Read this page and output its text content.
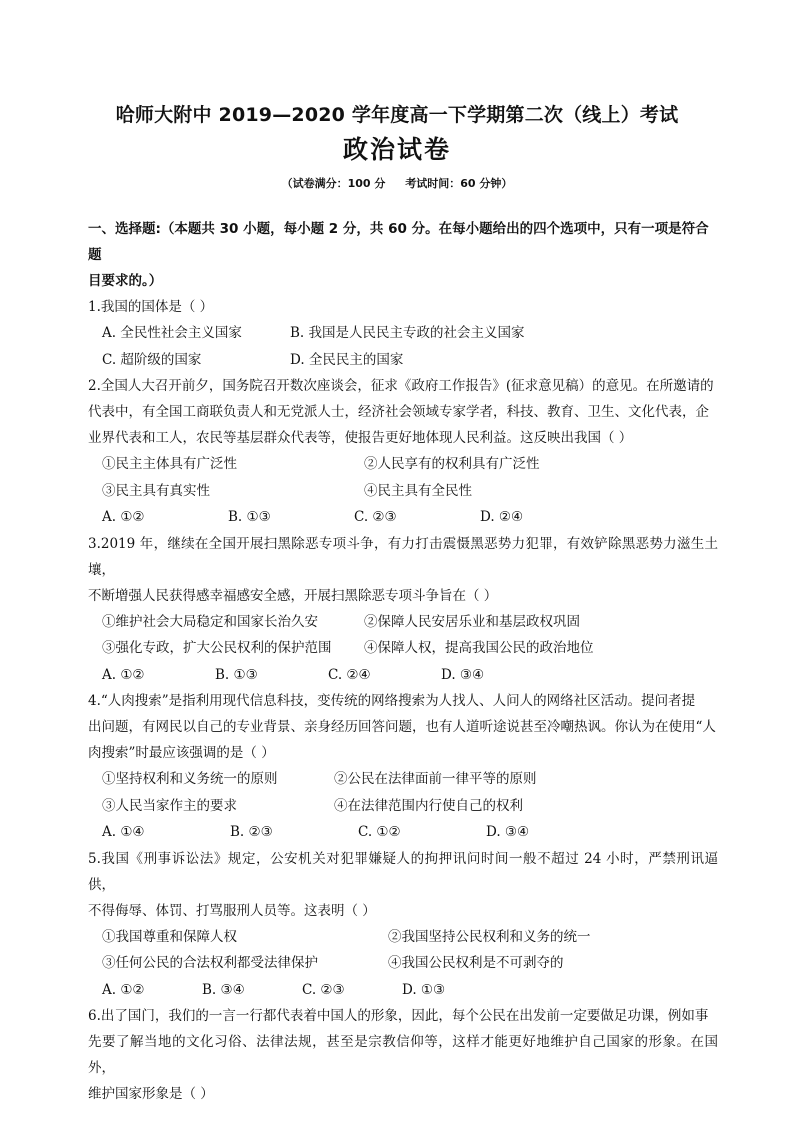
哈师大附中 2019—2020 学年度高一下学期第二次（线上）考试
政治试卷
（试卷满分：100 分 考试时间：60 分钟）
一、选择题:（本题共 30 小题，每小题 2 分，共 60 分。在每小题给出的四个选项中，只有一项是符合题
目要求的。）
1.我国的国体是（ ）
A. 全民性社会主义国家	B. 我国是人民民主专政的社会主义国家
C. 超阶级的国家	D. 全民民主的国家
2.全国人大召开前夕，国务院召开数次座谈会，征求《政府工作报告》(征求意见稿）的意见。在所邀请的
代表中，有全国工商联负责人和无党派人士，经济社会领域专家学者，科技、教育、卫生、文化代表，企
业界代表和工人，农民等基层群众代表等，使报告更好地体现人民利益。这反映出我国（ ）
①民主主体具有广泛性	②人民享有的权利具有广泛性
③民主具有真实性	④民主具有全民性
A. ①②	B. ①③	C. ②③	D. ②④
3.2019 年，继续在全国开展扫黑除恶专项斗争，有力打击震慑黑恶势力犯罪，有效铲除黑恶势力滋生土壤，
不断增强人民获得感幸福感安全感，开展扫黑除恶专项斗争旨在（ ）
①维护社会大局稳定和国家长治久安	②保障人民安居乐业和基层政权巩固
③强化专政，扩大公民权利的保护范围	④保障人权，提高我国公民的政治地位
A. ①②	B. ①③	C. ②④	D. ③④
4.“人肉搜索”是指利用现代信息科技，变传统的网络搜索为人找人、人问人的网络社区活动。提问者提
出问题，有网民以自己的专业背景、亲身经历回答问题，也有人道听途说甚至冷嘲热讽。你认为在使用“人
肉搜索”时最应该强调的是（ ）
①坚持权利和义务统一的原则	②公民在法律面前一律平等的原则
③人民当家作主的要求	④在法律范围内行使自己的权利
A. ①④	B. ②③	C. ①②	D. ③④
5.我国《刑事诉讼法》规定，公安机关对犯罪嫌疑人的拘押讯问时间一般不超过 24 小时，严禁刑讯逼供，
不得侮辱、体罚、打骂服刑人员等。这表明（ ）
①我国尊重和保障人权	②我国坚持公民权利和义务的统一
③任何公民的合法权利都受法律保护	④我国公民权利是不可剥夺的
A. ①②	B. ③④	C. ②③	D. ①③
6.出了国门，我们的一言一行都代表着中国人的形象，因此，每个公民在出发前一定要做足功课，例如事
先要了解当地的文化习俗、法律法规，甚至是宗教信仰等，这样才能更好地维护自己国家的形象。在国外，
维护国家形象是（ ）
